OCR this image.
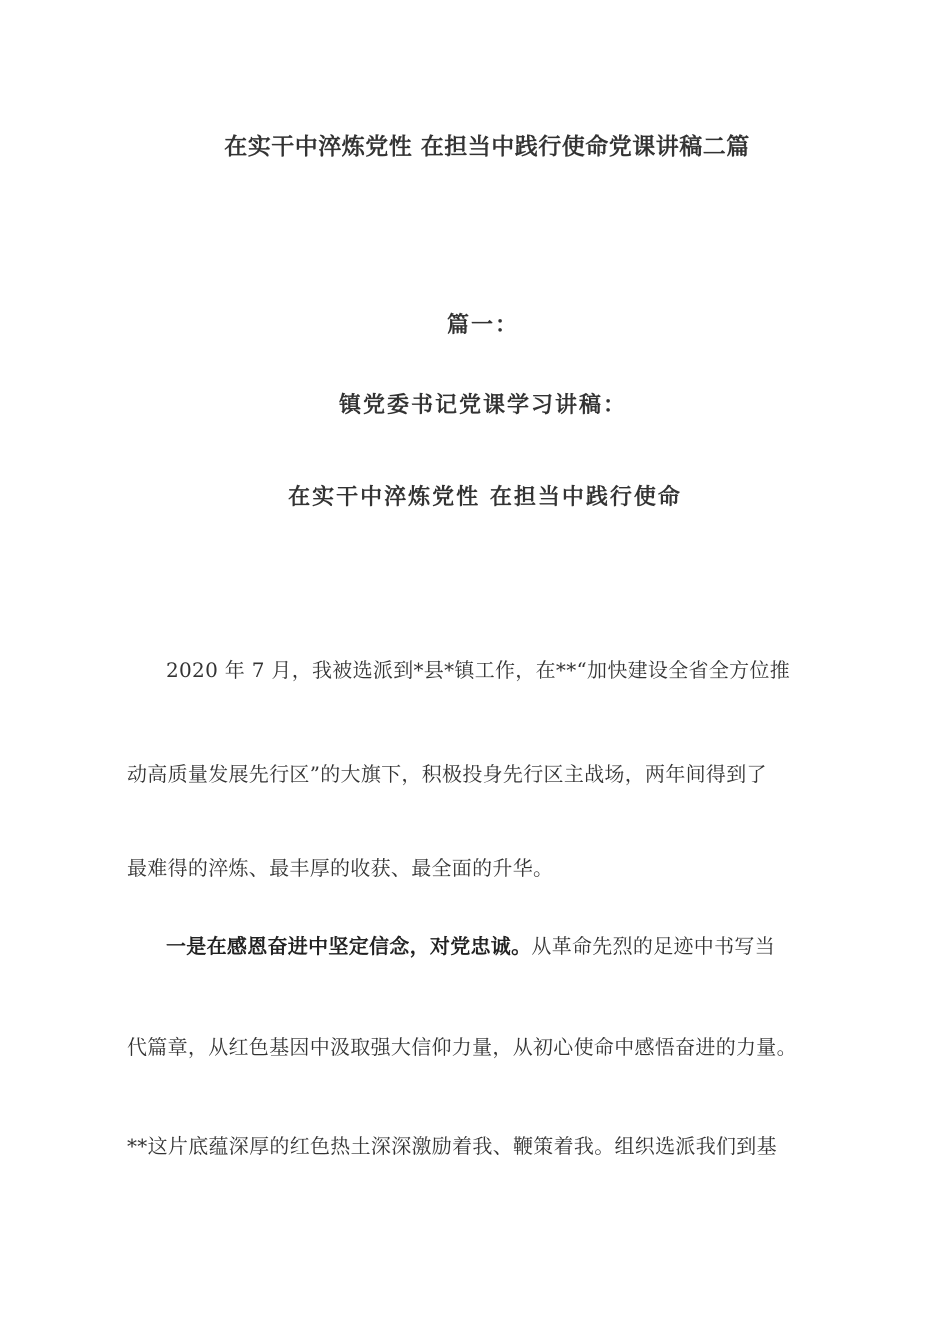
在实干中淬炼党性 在担当中践行使命党课讲稿二篇
篇一：
镇党委书记党课学习讲稿：
在实干中淬炼党性 在担当中践行使命
2020 年 7 月，我被选派到*县*镇工作，在**“加快建设全省全方位推
动高质量发展先行区”的大旗下，积极投身先行区主战场，两年间得到了
最难得的淬炼、最丰厚的收获、最全面的升华。
一是在感恩奋进中坚定信念，对党忠诚。从革命先烈的足迹中书写当
代篇章，从红色基因中汲取强大信仰力量，从初心使命中感悟奋进的力量。
**这片底蕴深厚的红色热土深深激励着我、鞭策着我。组织选派我们到基
